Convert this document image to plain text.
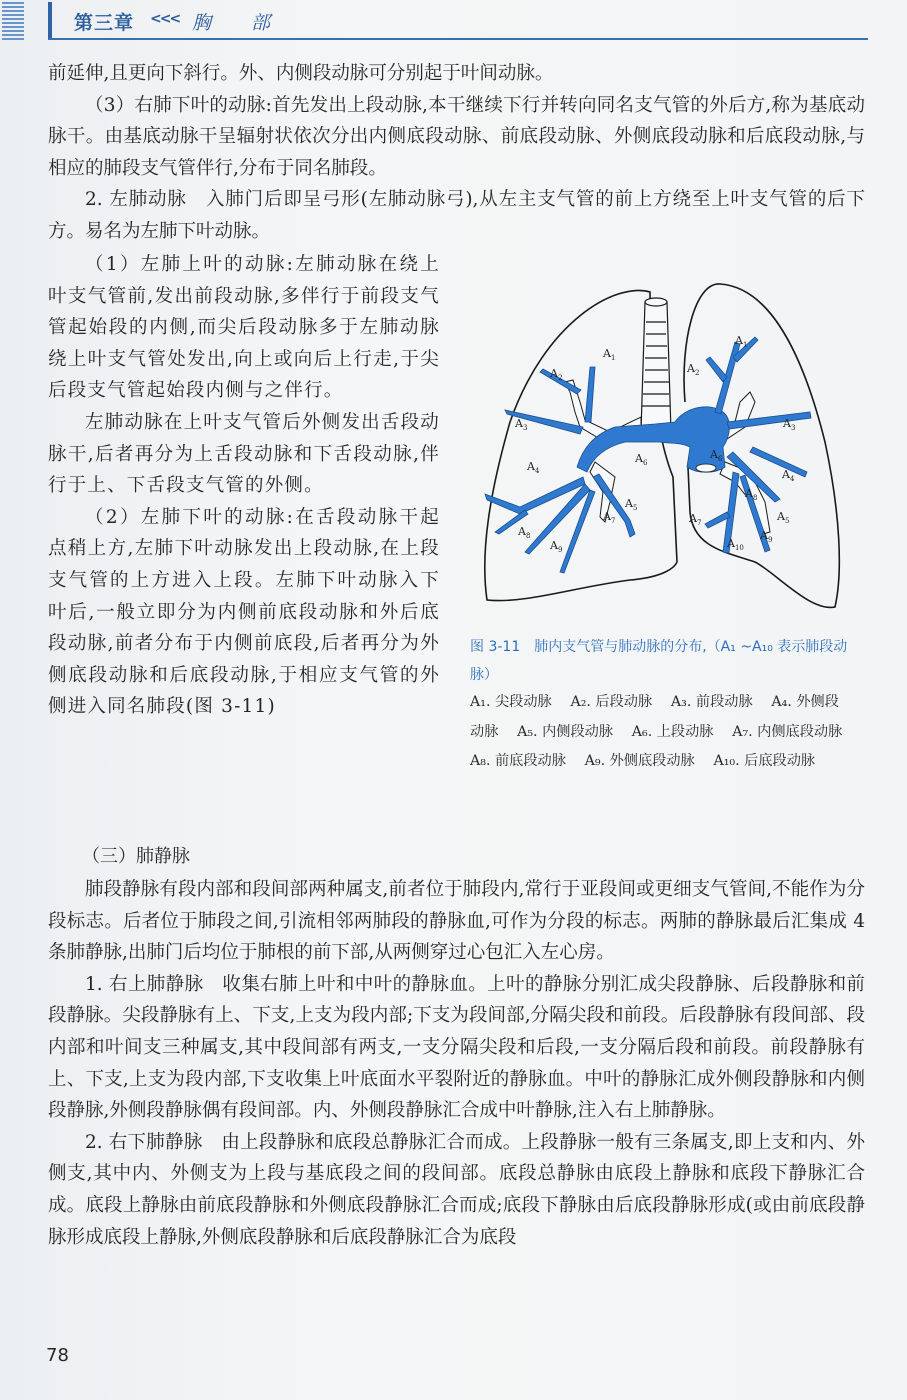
第三章 <<< 胸部

前延伸,且更向下斜行。外、内侧段动脉可分别起于叶间动脉。

（3）右肺下叶的动脉:首先发出上段动脉,本干继续下行并转向同名支气管的外后方,称为基底动脉干。由基底动脉干呈辐射状依次分出内侧底段动脉、前底段动脉、外侧底段动脉和后底段动脉,与相应的肺段支气管伴行,分布于同名肺段。

2. 左肺动脉　入肺门后即呈弓形(左肺动脉弓),从左主支气管的前上方绕至上叶支气管的后下方。易名为左肺下叶动脉。

（1）左肺上叶的动脉:左肺动脉在绕上叶支气管前,发出前段动脉,多伴行于前段支气管起始段的内侧,而尖后段动脉多于左肺动脉绕上叶支气管处发出,向上或向后上行走,于尖后段支气管起始段内侧与之伴行。

左肺动脉在上叶支气管后外侧发出舌段动脉干,后者再分为上舌段动脉和下舌段动脉,伴行于上、下舌段支气管的外侧。

（2）左肺下叶的动脉:在舌段动脉干起点稍上方,左肺下叶动脉发出上段动脉,在上段支气管的上方进入上段。左肺下叶动脉入下叶后,一般立即分为内侧前底段动脉和外后底段动脉,前者分布于内侧前底段,后者再分为外侧底段动脉和后底段动脉,于相应支气管的外侧进入同名肺段(图 3-11)

$A_1$
$A_2$
$A_3$
$A_4$
$A_5$
$A_6$
$A_7$
$A_8$
$A_9$
$A_1$
$A_2$
$A_3$
$A_4$
$A_5$
$A_6$
$A_7$
$A_8$
$A_9$
$A_{10}$
图 3-11　肺内支气管与肺动脉的分布,（A₁ ~A₁₀ 表示肺段动脉）
A₁. 尖段动脉　 A₂. 后段动脉　 A₃. 前段动脉　 A₄. 外侧段动脉　 A₅. 内侧段动脉　 A₆. 上段动脉　 A₇. 内侧底段动脉　 A₈. 前底段动脉　 A₉. 外侧底段动脉　 A₁₀. 后底段动脉
（三）肺静脉

肺段静脉有段内部和段间部两种属支,前者位于肺段内,常行于亚段间或更细支气管间,不能作为分段标志。后者位于肺段之间,引流相邻两肺段的静脉血,可作为分段的标志。两肺的静脉最后汇集成 4 条肺静脉,出肺门后均位于肺根的前下部,从两侧穿过心包汇入左心房。

1. 右上肺静脉　收集右肺上叶和中叶的静脉血。上叶的静脉分别汇成尖段静脉、后段静脉和前段静脉。尖段静脉有上、下支,上支为段内部;下支为段间部,分隔尖段和前段。后段静脉有段间部、段内部和叶间支三种属支,其中段间部有两支,一支分隔尖段和后段,一支分隔后段和前段。前段静脉有上、下支,上支为段内部,下支收集上叶底面水平裂附近的静脉血。中叶的静脉汇成外侧段静脉和内侧段静脉,外侧段静脉偶有段间部。内、外侧段静脉汇合成中叶静脉,注入右上肺静脉。

2. 右下肺静脉　由上段静脉和底段总静脉汇合而成。上段静脉一般有三条属支,即上支和内、外侧支,其中内、外侧支为上段与基底段之间的段间部。底段总静脉由底段上静脉和底段下静脉汇合成。底段上静脉由前底段静脉和外侧底段静脉汇合而成;底段下静脉由后底段静脉形成(或由前底段静脉形成底段上静脉,外侧底段静脉和后底段静脉汇合为底段

78
